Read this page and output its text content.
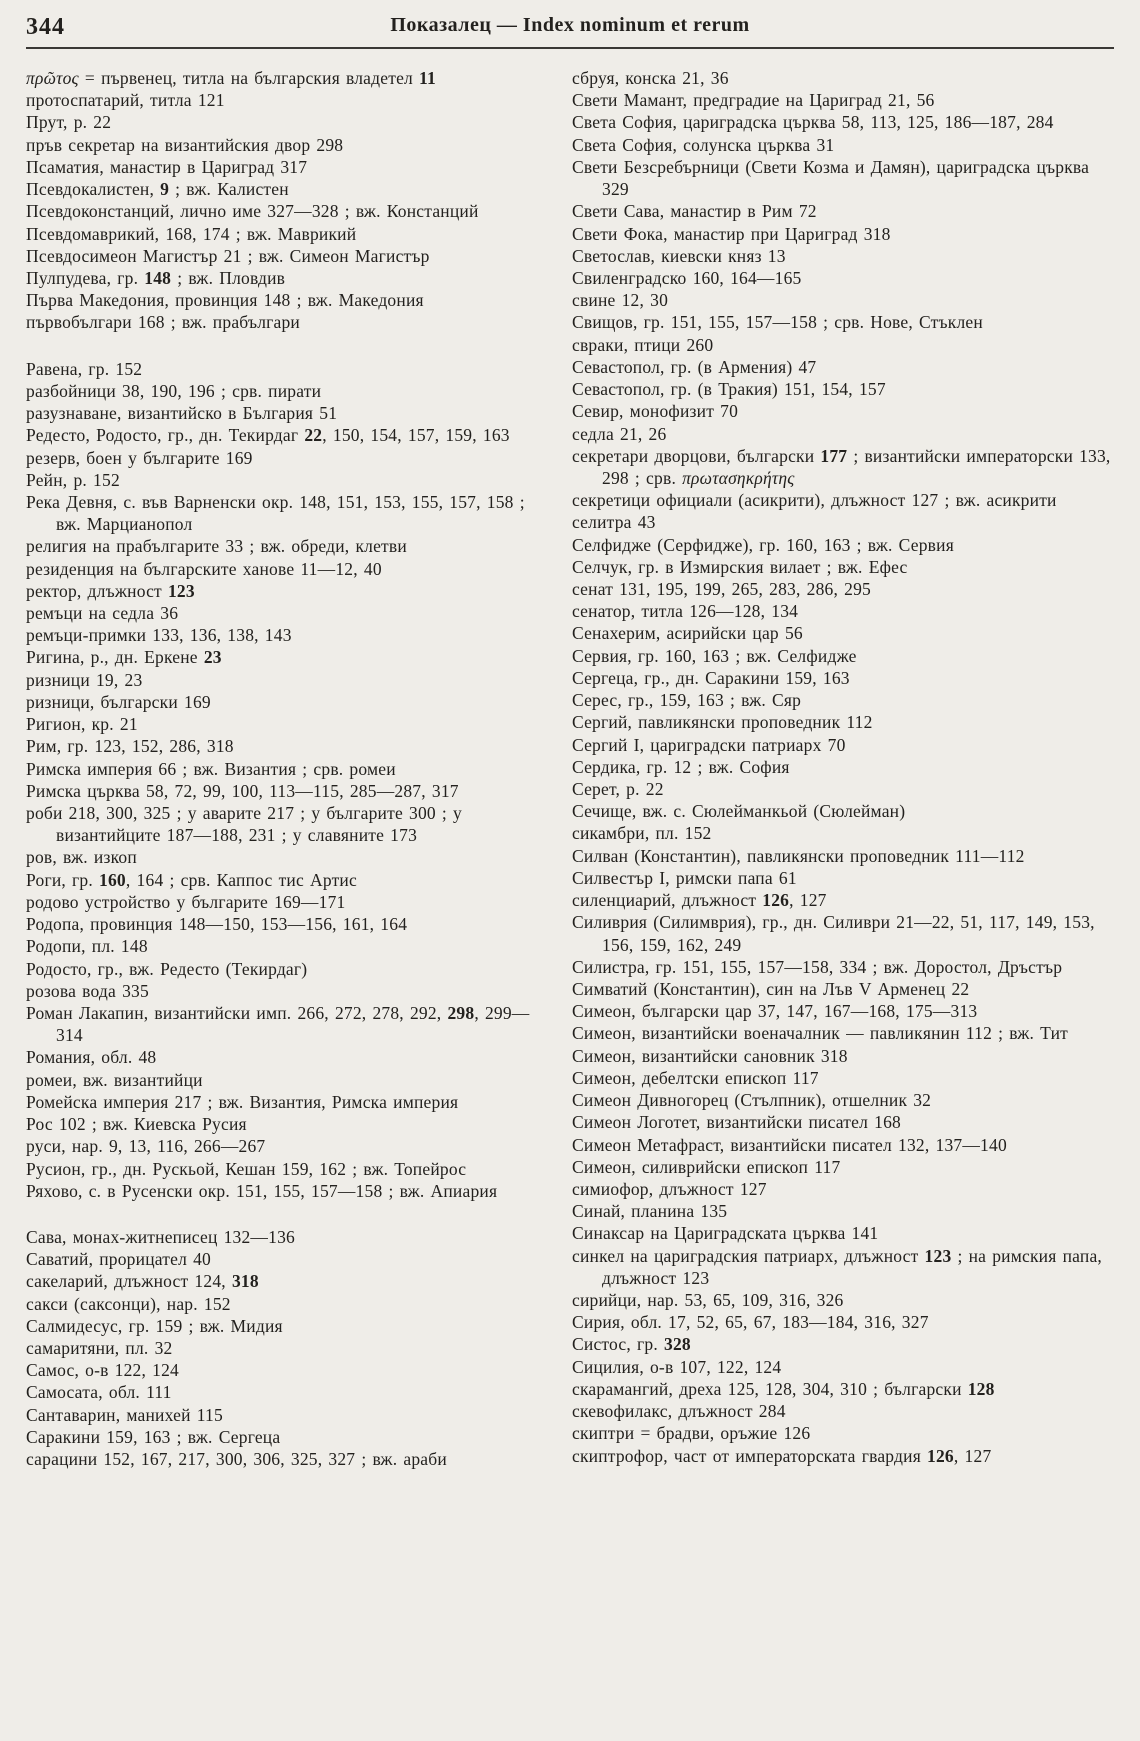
344	Показалец — Index nominum et rerum

πρῶτος = първенец, титла на българския владетел 11

протоспатарий, титла 121

Прут, р. 22

пръв секретар на византийския двор 298

Псаматия, манастир в Цариград 317

Псевдокалистен, 9 ; вж. Калистен

Псевдоконстанций, лично име 327—328 ; вж. Констанций

Псевдомаврикий, 168, 174 ; вж. Маврикий

Псевдосимеон Магистър 21 ; вж. Симеон Магистър

Пулпудева, гр. 148 ; вж. Пловдив

Първа Македония, провинция 148 ; вж. Македония

първобългари 168 ; вж. прабългари

Равена, гр. 152

разбойници 38, 190, 196 ; срв. пирати

разузнаване, византийско в България 51

Редесто, Родосто, гр., дн. Текирдаг 22, 150, 154, 157, 159, 163

резерв, боен у българите 169

Рейн, р. 152

Река Девня, с. във Варненски окр. 148, 151, 153, 155, 157, 158 ; вж. Марцианопол

религия на прабългарите 33 ; вж. обреди, клетви

резиденция на българските ханове 11—12, 40

ректор, длъжност 123

ремъци на седла 36

ремъци-примки 133, 136, 138, 143

Ригина, р., дн. Еркене 23

ризници 19, 23

ризници, български 169

Ригион, кр. 21

Рим, гр. 123, 152, 286, 318

Римска империя 66 ; вж. Византия ; срв. ромеи

Римска църква 58, 72, 99, 100, 113—115, 285—287, 317

роби 218, 300, 325 ; у аварите 217 ; у българите 300 ; у византийците 187—188, 231 ; у славяните 173

ров, вж. изкоп

Роги, гр. 160, 164 ; срв. Каппос тис Артис

родово устройство у българите 169—171

Родопа, провинция 148—150, 153—156, 161, 164

Родопи, пл. 148

Родосто, гр., вж. Редесто (Текирдаг)

розова вода 335

Роман Лакапин, византийски имп. 266, 272, 278, 292, 298, 299—314

Романия, обл. 48

ромеи, вж. византийци

Ромейска империя 217 ; вж. Византия, Римска империя

Рос 102 ; вж. Киевска Русия

руси, нар. 9, 13, 116, 266—267

Русион, гр., дн. Рускьой, Кешан 159, 162 ; вж. Топейрос

Ряхово, с. в Русенски окр. 151, 155, 157—158 ; вж. Апиария

Сава, монах-житнеписец 132—136

Саватий, прорицател 40

сакеларий, длъжност 124, 318

сакси (саксонци), нар. 152

Салмидесус, гр. 159 ; вж. Мидия

самаритяни, пл. 32

Самос, о-в 122, 124

Самосата, обл. 111

Сантаварин, манихей 115

Саракини 159, 163 ; вж. Сергеца

сарацини 152, 167, 217, 300, 306, 325, 327 ; вж. араби

сбруя, конска 21, 36

Свети Мамант, предградие на Цариград 21, 56

Света София, цариградска църква 58, 113, 125, 186—187, 284

Света София, солунска църква 31

Свети Безсребърници (Свети Козма и Дамян), цариградска църква 329

Свети Сава, манастир в Рим 72

Свети Фока, манастир при Цариград 318

Светослав, киевски княз 13

Свиленградско 160, 164—165

свине 12, 30

Свищов, гр. 151, 155, 157—158 ; срв. Нове, Стъклен

свраки, птици 260

Севастопол, гр. (в Армения) 47

Севастопол, гр. (в Тракия) 151, 154, 157

Севир, монофизит 70

седла 21, 26

секретари дворцови, български 177 ; византийски императорски 133, 298 ; срв. πρωτασηκρήτης

секретици официали (асикрити), длъжност 127 ; вж. асикрити

селитра 43

Селфидже (Серфидже), гр. 160, 163 ; вж. Сервия

Селчук, гр. в Измирския вилает ; вж. Ефес

сенат 131, 195, 199, 265, 283, 286, 295

сенатор, титла 126—128, 134

Сенахерим, асирийски цар 56

Сервия, гр. 160, 163 ; вж. Селфидже

Сергеца, гр., дн. Саракини 159, 163

Серес, гр., 159, 163 ; вж. Сяр

Сергий, павликянски проповедник 112

Сергий I, цариградски патриарх 70

Сердика, гр. 12 ; вж. София

Серет, р. 22

Сечище, вж. с. Сюлейманкьой (Сюлейман)

сикамбри, пл. 152

Силван (Константин), павликянски проповедник 111—112

Силвестър I, римски папа 61

силенциарий, длъжност 126, 127

Силиврия (Силимврия), гр., дн. Силиври 21—22, 51, 117, 149, 153, 156, 159, 162, 249

Силистра, гр. 151, 155, 157—158, 334 ; вж. Доростол, Дръстър

Симватий (Константин), син на Лъв V Арменец 22

Симеон, български цар 37, 147, 167—168, 175—313

Симеон, византийски военачалник — павликянин 112 ; вж. Тит

Симеон, византийски сановник 318

Симеон, дебелтски епископ 117

Симеон Дивногорец (Стълпник), отшелник 32

Симеон Логотет, византийски писател 168

Симеон Метафраст, византийски писател 132, 137—140

Симеон, силиврийски епископ 117

симиофор, длъжност 127

Синай, планина 135

Синаксар на Цариградската църква 141

синкел на цариградския патриарх, длъжност 123 ; на римския папа, длъжност 123

сирийци, нар. 53, 65, 109, 316, 326

Сирия, обл. 17, 52, 65, 67, 183—184, 316, 327

Систос, гр. 328

Сицилия, о-в 107, 122, 124

скарамангий, дреха 125, 128, 304, 310 ; български 128

скевофилакс, длъжност 284

скиптри = брадви, оръжие 126

скиптрофор, част от императорската гвардия 126, 127
